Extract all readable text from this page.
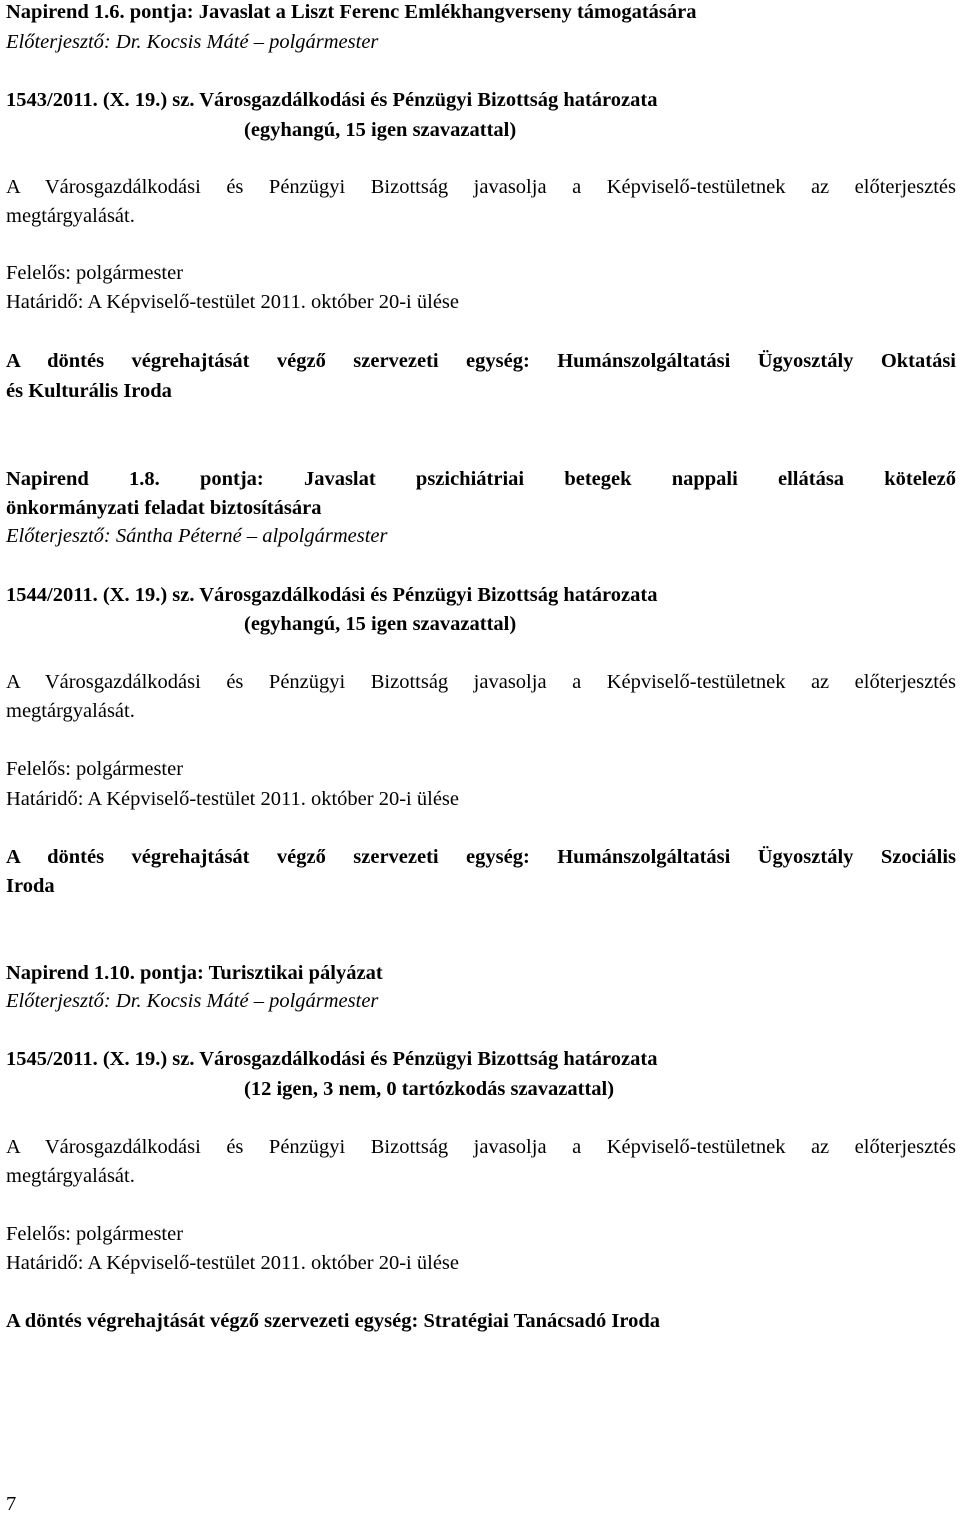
Napirend 1.6. pontja: Javaslat a Liszt Ferenc Emlékhangverseny támogatására
Előterjesztő: Dr. Kocsis Máté – polgármester
1543/2011. (X. 19.) sz. Városgazdálkodási és Pénzügyi Bizottság határozata
(egyhangú, 15 igen szavazattal)
A Városgazdálkodási és Pénzügyi Bizottság javasolja a Képviselő-testületnek az előterjesztés
megtárgyalását.
Felelős: polgármester
Határidő: A Képviselő-testület 2011. október 20-i ülése
A döntés végrehajtását végző szervezeti egység: Humánszolgáltatási Ügyosztály Oktatási
és Kulturális Iroda
Napirend 1.8. pontja: Javaslat pszichiátriai betegek nappali ellátása kötelező
önkormányzati feladat biztosítására
Előterjesztő: Sántha Péterné – alpolgármester
1544/2011. (X. 19.) sz. Városgazdálkodási és Pénzügyi Bizottság határozata
(egyhangú, 15 igen szavazattal)
A Városgazdálkodási és Pénzügyi Bizottság javasolja a Képviselő-testületnek az előterjesztés
megtárgyalását.
Felelős: polgármester
Határidő: A Képviselő-testület 2011. október 20-i ülése
A döntés végrehajtását végző szervezeti egység: Humánszolgáltatási Ügyosztály Szociális
Iroda
Napirend 1.10. pontja: Turisztikai pályázat
Előterjesztő: Dr. Kocsis Máté – polgármester
1545/2011. (X. 19.) sz. Városgazdálkodási és Pénzügyi Bizottság határozata
(12 igen, 3 nem, 0 tartózkodás szavazattal)
A Városgazdálkodási és Pénzügyi Bizottság javasolja a Képviselő-testületnek az előterjesztés
megtárgyalását.
Felelős: polgármester
Határidő: A Képviselő-testület 2011. október 20-i ülése
A döntés végrehajtását végző szervezeti egység: Stratégiai Tanácsadó Iroda
7
